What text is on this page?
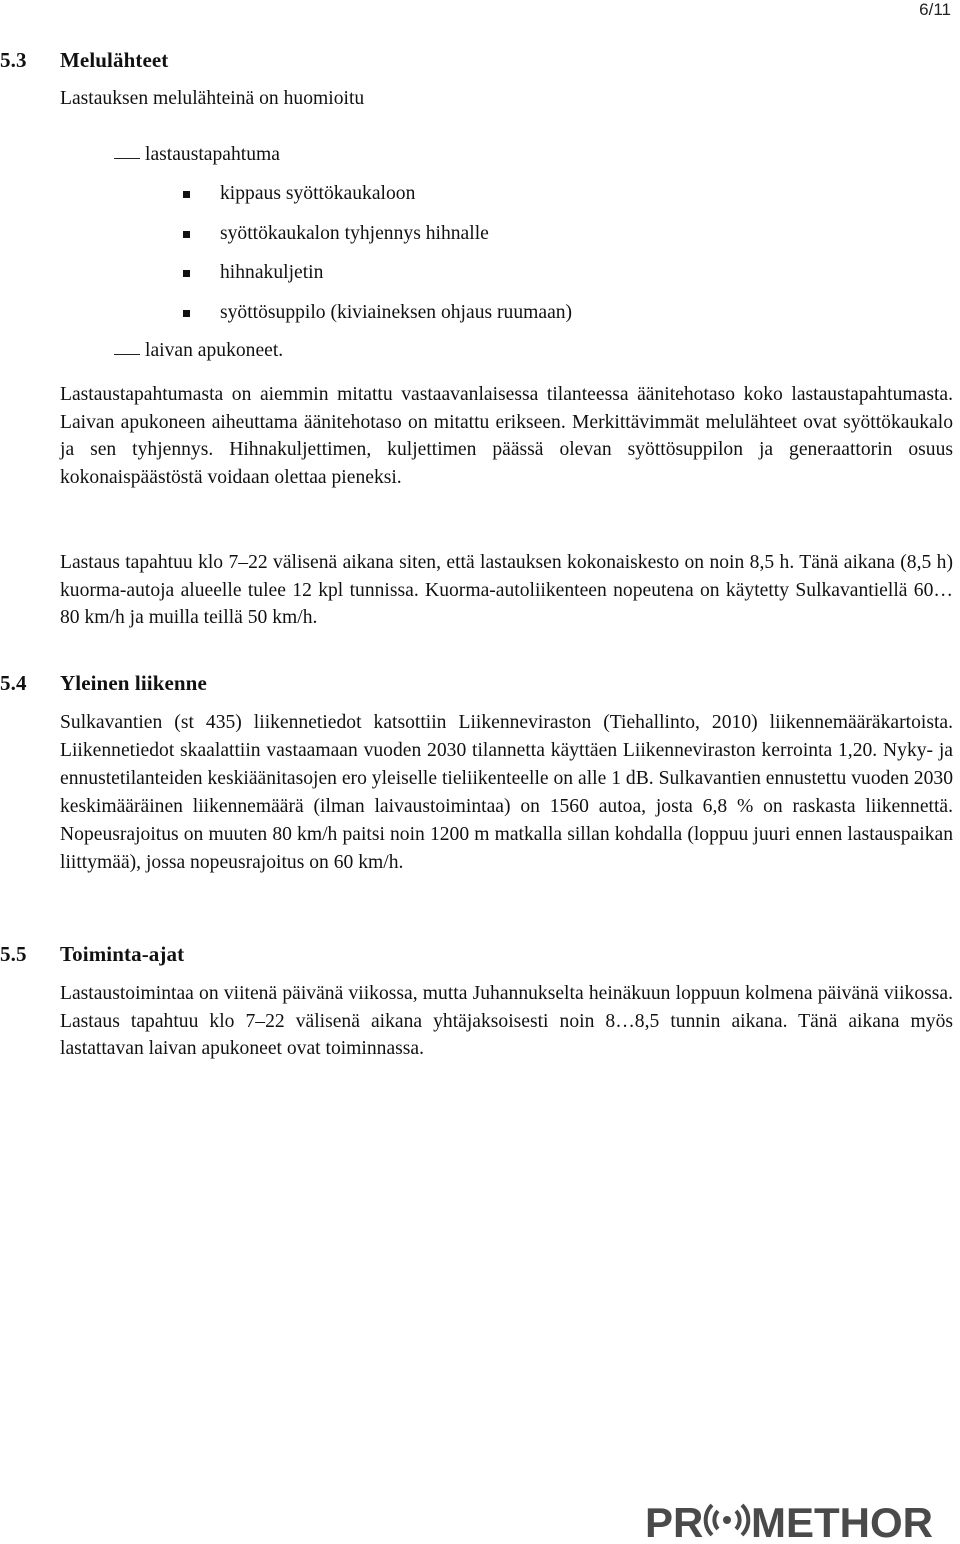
6/11
5.3 Melulähteet
Lastauksen melulähteinä on huomioitu
lastaustapahtuma
kippaus syöttökaukaloon
syöttökaukalon tyhjennys hihnalle
hihnakuljetin
syöttösuppilo (kiviaineksen ohjaus ruumaan)
laivan apukoneet.
Lastaustapahtumasta on aiemmin mitattu vastaavanlaisessa tilanteessa äänitehotaso koko lastaustapahtumasta. Laivan apukoneen aiheuttama äänitehotaso on mitattu erikseen. Merkittävimmät melulähteet ovat syöttökaukalo ja sen tyhjennys. Hihnakuljettimen, kuljettimen päässä olevan syöttösuppilon ja generaattorin osuus kokonaispäästöstä voidaan olettaa pieneksi.
Lastaus tapahtuu klo 7–22 välisenä aikana siten, että lastauksen kokonaiskesto on noin 8,5 h. Tänä aikana (8,5 h) kuorma-autoja alueelle tulee 12 kpl tunnissa. Kuorma-autoliikenteen nopeutena on käytetty Sulkavantiellä 60…80 km/h ja muilla teillä 50 km/h.
5.4 Yleinen liikenne
Sulkavantien (st 435) liikennetiedot katsottiin Liikenneviraston (Tiehallinto, 2010) liikennemääräkartoista. Liikennetiedot skaalattiin vastaamaan vuoden 2030 tilannetta käyttäen Liikenneviraston kerrointa 1,20. Nyky- ja ennustetilanteiden keskiäänitasojen ero yleiselle tieliikenteelle on alle 1 dB. Sulkavantien ennustettu vuoden 2030 keskimääräinen liikennemäärä (ilman laivaustoimintaa) on 1560 autoa, josta 6,8 % on raskasta liikennettä. Nopeusrajoitus on muuten 80 km/h paitsi noin 1200 m matkalla sillan kohdalla (loppuu juuri ennen lastauspaikan liittymää), jossa nopeusrajoitus on 60 km/h.
5.5 Toiminta-ajat
Lastaustoimintaa on viitenä päivänä viikossa, mutta Juhannukselta heinäkuun loppuun kolmena päivänä viikossa. Lastaus tapahtuu klo 7–22 välisenä aikana yhtäjaksoisesti noin 8…8,5 tunnin aikana. Tänä aikana myös lastattavan laivan apukoneet ovat toiminnassa.
PR METHOR
